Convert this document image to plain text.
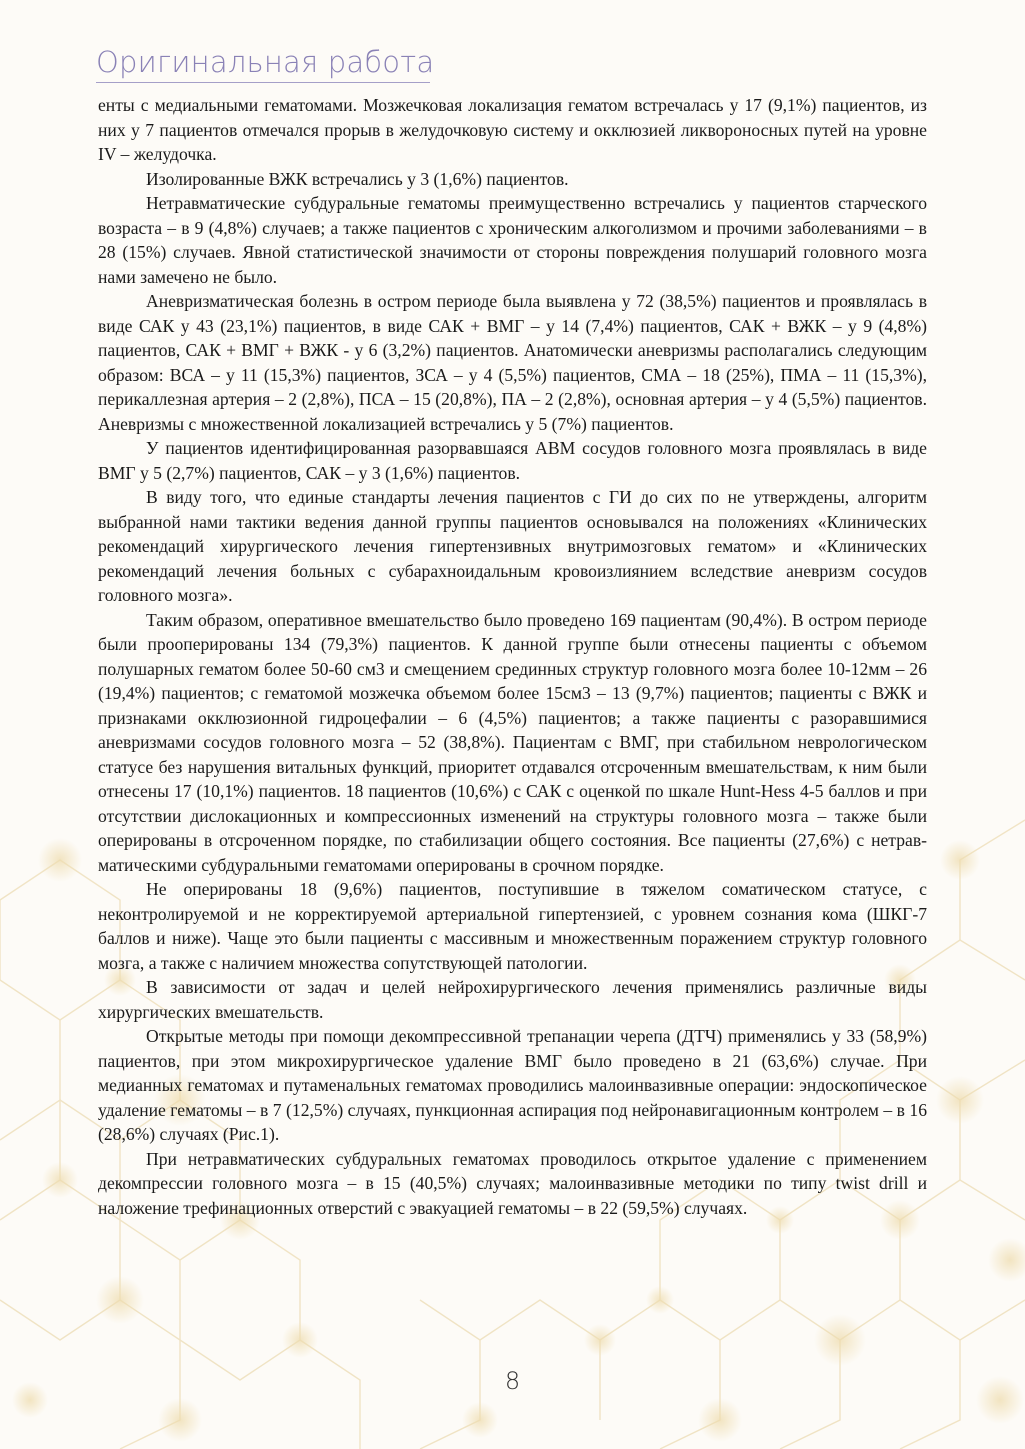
Оригинальная работа

енты с медиальными гематомами. Мозжечковая локализация гематом встречалась у 17 (9,1%) пациентов, из них у 7 пациентов отмечался прорыв в желудочковую систему и окклюзией ликвороносных путей на уровне IV – желудочка.

Изолированные ВЖК встречались у 3 (1,6%) пациентов.

Нетравматические субдуральные гематомы преимущественно встречались у пациентов старческого возраста – в 9 (4,8%) случаев; а также пациентов с хроническим алкоголизмом и прочими заболеваниями – в 28 (15%) случаев. Явной статистической значимости от стороны повреждения полушарий головного мозга нами замечено не было.

Аневризматическая болезнь в остром периоде была выявлена у 72 (38,5%) пациентов и проявлялась в виде САК у 43 (23,1%) пациентов, в виде САК + ВМГ – у 14 (7,4%) пациентов, САК + ВЖК – у 9 (4,8%) пациентов, САК + ВМГ + ВЖК - у 6 (3,2%) пациентов. Анатомически аневризмы располагались следующим образом: ВСА – у 11 (15,3%) пациентов, ЗСА – у 4 (5,5%) пациентов, СМА – 18 (25%), ПМА – 11 (15,3%), перикаллезная артерия – 2 (2,8%), ПСА – 15 (20,8%), ПА – 2 (2,8%), основная артерия – у 4 (5,5%) пациентов. Аневризмы с множественной локализацией встречались у 5 (7%) пациентов.

У пациентов идентифицированная разорвавшаяся АВМ сосудов головного мозга проявлялась в виде ВМГ у 5 (2,7%) пациентов, САК – у 3 (1,6%) пациентов.

В виду того, что единые стандарты лечения пациентов с ГИ до сих по не утверждены, алгоритм выбранной нами тактики ведения данной группы пациентов основывался на положениях «Клинических рекомендаций хирургического лечения гипертензивных внутримозговых гематом» и «Клинических рекомендаций лечения больных с субарахноидальным кровоизлиянием вследствие аневризм сосудов головного мозга».

Таким образом, оперативное вмешательство было проведено 169 пациентам (90,4%). В остром периоде были прооперированы 134 (79,3%) пациентов. К данной группе были отнесены пациенты с объемом полушарных гематом более 50-60 см3 и смещением срединных структур головного мозга более 10-12мм – 26 (19,4%) пациентов; с гематомой мозжечка объемом более 15см3 – 13 (9,7%) пациентов; пациенты с ВЖК и признаками окклюзионной гидроцефалии – 6 (4,5%) пациентов; а также пациенты с разоравшимися аневризмами сосудов головного мозга – 52 (38,8%). Пациентам с ВМГ, при стабильном неврологическом статусе без нарушения витальных функций, приоритет отдавался отсроченным вмешательствам, к ним были отнесены 17 (10,1%) пациентов. 18 пациентов (10,6%) с САК с оценкой по шкале Hunt-Hess 4-5 баллов и при отсутствии дислокационных и компрессионных изменений на структуры головного мозга – также были оперированы в отсроченном порядке, по стабилизации общего состояния. Все пациенты (27,6%) с нетрав-матическими субдуральными гематомами оперированы в срочном порядке.

Не оперированы 18 (9,6%) пациентов, поступившие в тяжелом соматическом статусе, с неконтролируемой и не корректируемой артериальной гипертензией, с уровнем сознания кома (ШКГ-7 баллов и ниже). Чаще это были пациенты с массивным и множественным поражением структур головного мозга, а также с наличием множества сопутствующей патологии.

В зависимости от задач и целей нейрохирургического лечения применялись различные виды хирургических вмешательств.

Открытые методы при помощи декомпрессивной трепанации черепа (ДТЧ) применялись у 33 (58,9%) пациентов, при этом микрохирургическое удаление ВМГ было проведено в 21 (63,6%) случае. При медианных гематомах и путаменальных гематомах проводились малоинвазивные операции: эндоскопическое удаление гематомы – в 7 (12,5%) случаях, пункционная аспирация под нейронавигационным контролем – в 16 (28,6%) случаях (Рис.1).

При нетравматических субдуральных гематомах проводилось открытое удаление с применением декомпрессии головного мозга – в 15 (40,5%) случаях; малоинвазивные методики по типу twist drill и наложение трефинационных отверстий с эвакуацией гематомы – в 22 (59,5%) случаях.

8
